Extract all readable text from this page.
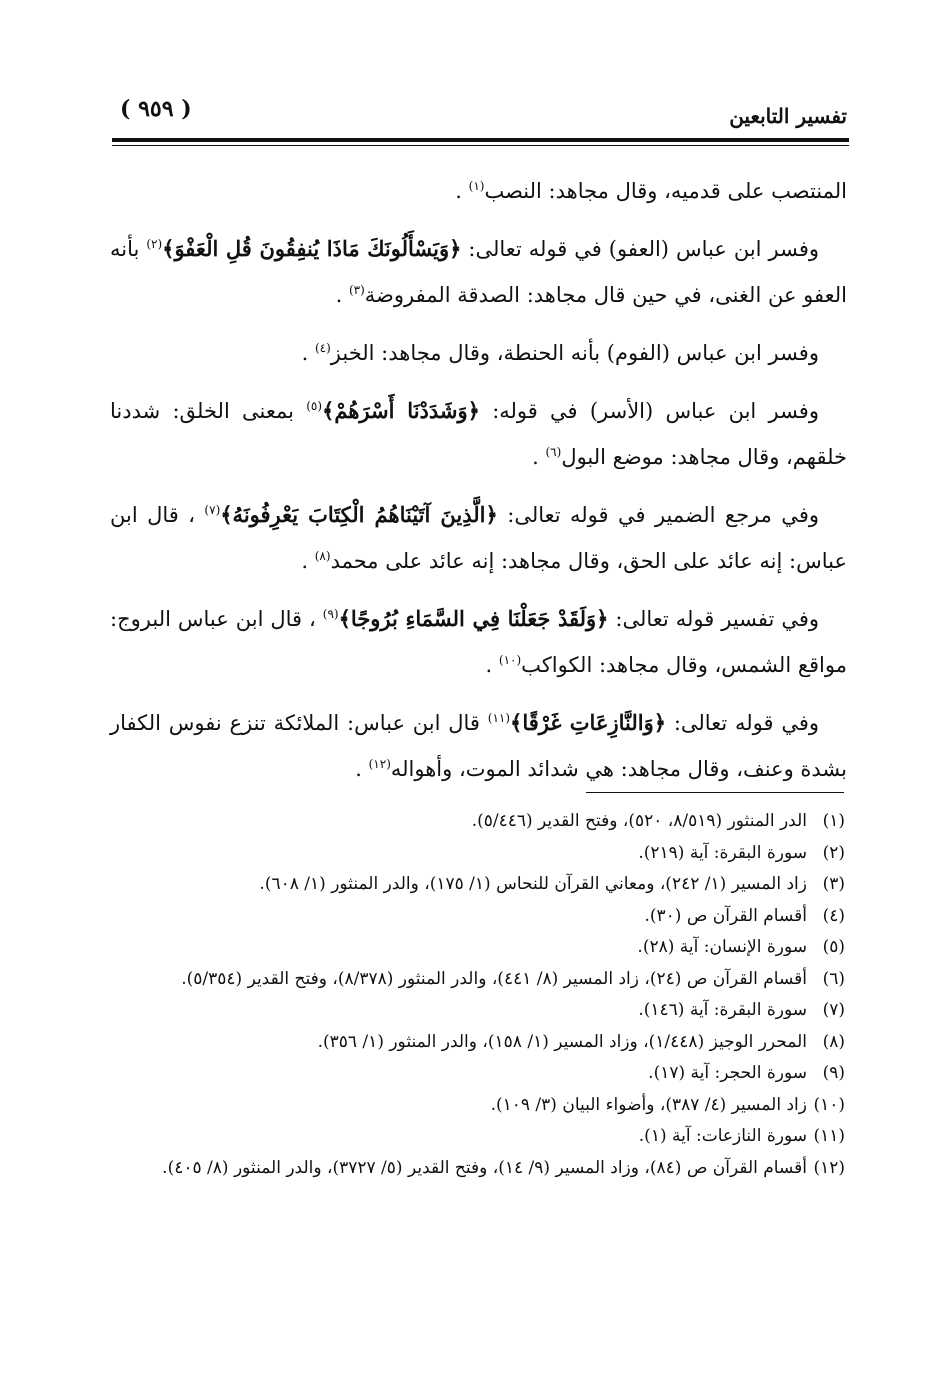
( ٩٥٩ )	تفسير التابعين

المنتصب على قدميه، وقال مجاهد: النصب$^{(١)}$ .

وفسر ابن عباس (العفو) في قوله تعالى: ﴿وَيَسْأَلُونَكَ مَاذَا يُنفِقُونَ قُلِ الْعَفْوَ﴾$^{(٢)}$ بأنه العفو عن الغنى، في حين قال مجاهد: الصدقة المفروضة$^{(٣)}$ .

وفسر ابن عباس (الفوم) بأنه الحنطة، وقال مجاهد: الخبز$^{(٤)}$ .

وفسر ابن عباس (الأسر) في قوله: ﴿وَشَدَدْنَا أَسْرَهُمْ﴾$^{(٥)}$ بمعنى الخلق: شددنا خلقهم، وقال مجاهد: موضع البول$^{(٦)}$ .

وفي مرجع الضمير في قوله تعالى: ﴿الَّذِينَ آتَيْنَاهُمُ الْكِتَابَ يَعْرِفُونَهُ﴾$^{(٧)}$ ، قال ابن عباس: إنه عائد على الحق، وقال مجاهد: إنه عائد على محمد$^{(٨)}$ .

وفي تفسير قوله تعالى: ﴿وَلَقَدْ جَعَلْنَا فِي السَّمَاءِ بُرُوجًا﴾$^{(٩)}$ ، قال ابن عباس البروج: مواقع الشمس، وقال مجاهد: الكواكب$^{(١٠)}$ .

وفي قوله تعالى: ﴿وَالنَّازِعَاتِ غَرْقًا﴾$^{(١١)}$ قال ابن عباس: الملائكة تنزع نفوس الكفار بشدة وعنف، وقال مجاهد: هي شدائد الموت، وأهواله$^{(١٢)}$ .

(١)
الدر المنثور (٨/٥١٩، ٥٢٠)، وفتح القدير (٥/٤٤٦).
(٢)
سورة البقرة: آية (٢١٩).
(٣)
زاد المسير (١/ ٢٤٢)، ومعاني القرآن للنحاس (١/ ١٧٥)، والدر المنثور (١/ ٦٠٨).
(٤)
أقسام القرآن ص (٣٠).
(٥)
سورة الإنسان: آية (٢٨).
(٦)
أقسام القرآن ص (٢٤)، زاد المسير (٨/ ٤٤١)، والدر المنثور (٨/٣٧٨)، وفتح القدير (٥/٣٥٤).
(٧)
سورة البقرة: آية (١٤٦).
(٨)
المحرر الوجيز (١/٤٤٨)، وزاد المسير (١/ ١٥٨)، والدر المنثور (١/ ٣٥٦).
(٩)
سورة الحجر: آية (١٧).
(١٠)
زاد المسير (٤/ ٣٨٧)، وأضواء البيان (٣/ ١٠٩).
(١١)
سورة النازعات: آية (١).
(١٢)
أقسام القرآن ص (٨٤)، وزاد المسير (٩/ ١٤)، وفتح القدير (٥/ ٣٧٢٧)، والدر المنثور (٨/ ٤٠٥).
